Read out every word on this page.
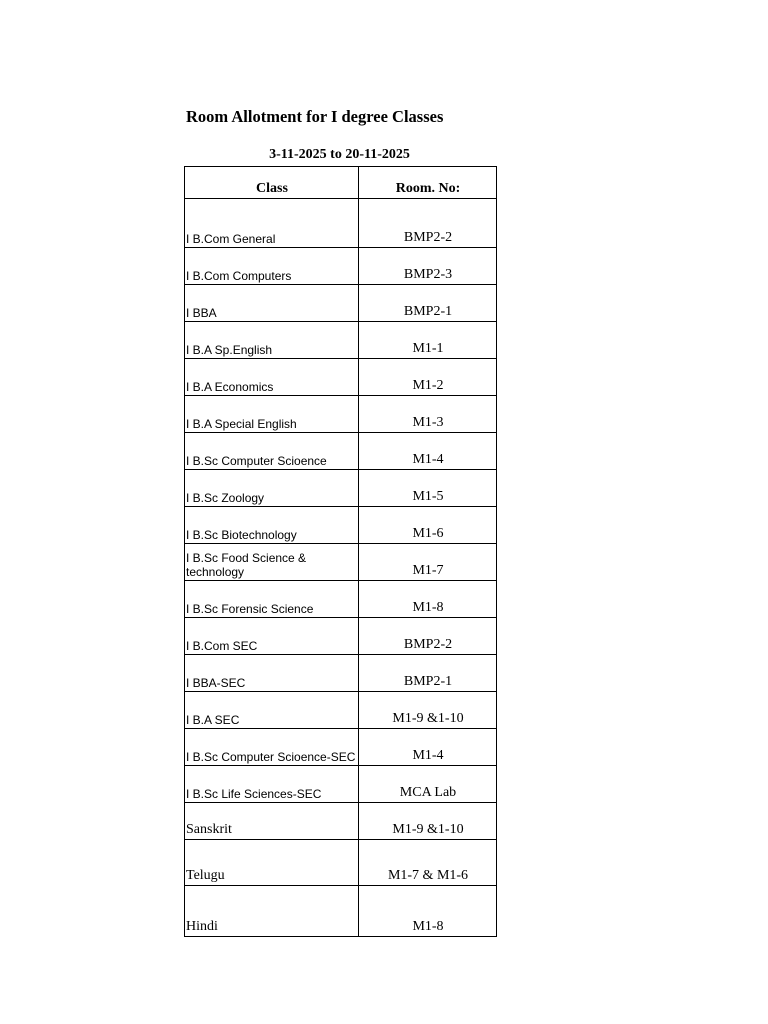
Room Allotment for I degree Classes
3-11-2025 to 20-11-2025
Class	Room. No:
I B.Com General	BMP2-2
I B.Com Computers	BMP2-3
I BBA	BMP2-1
I B.A Sp.English	M1-1
I B.A Economics	M1-2
I B.A Special English	M1-3
I B.Sc Computer Scioence	M1-4
I B.Sc Zoology	M1-5
I B.Sc Biotechnology	M1-6
I B.Sc Food Science & technology	M1-7
I B.Sc Forensic Science	M1-8
I B.Com SEC	BMP2-2
I BBA-SEC	BMP2-1
I B.A SEC	M1-9 &1-10
I B.Sc Computer Scioence-SEC	M1-4
I B.Sc Life Sciences-SEC	MCA Lab
Sanskrit	M1-9 &1-10
Telugu	M1-7 & M1-6
Hindi	M1-8
